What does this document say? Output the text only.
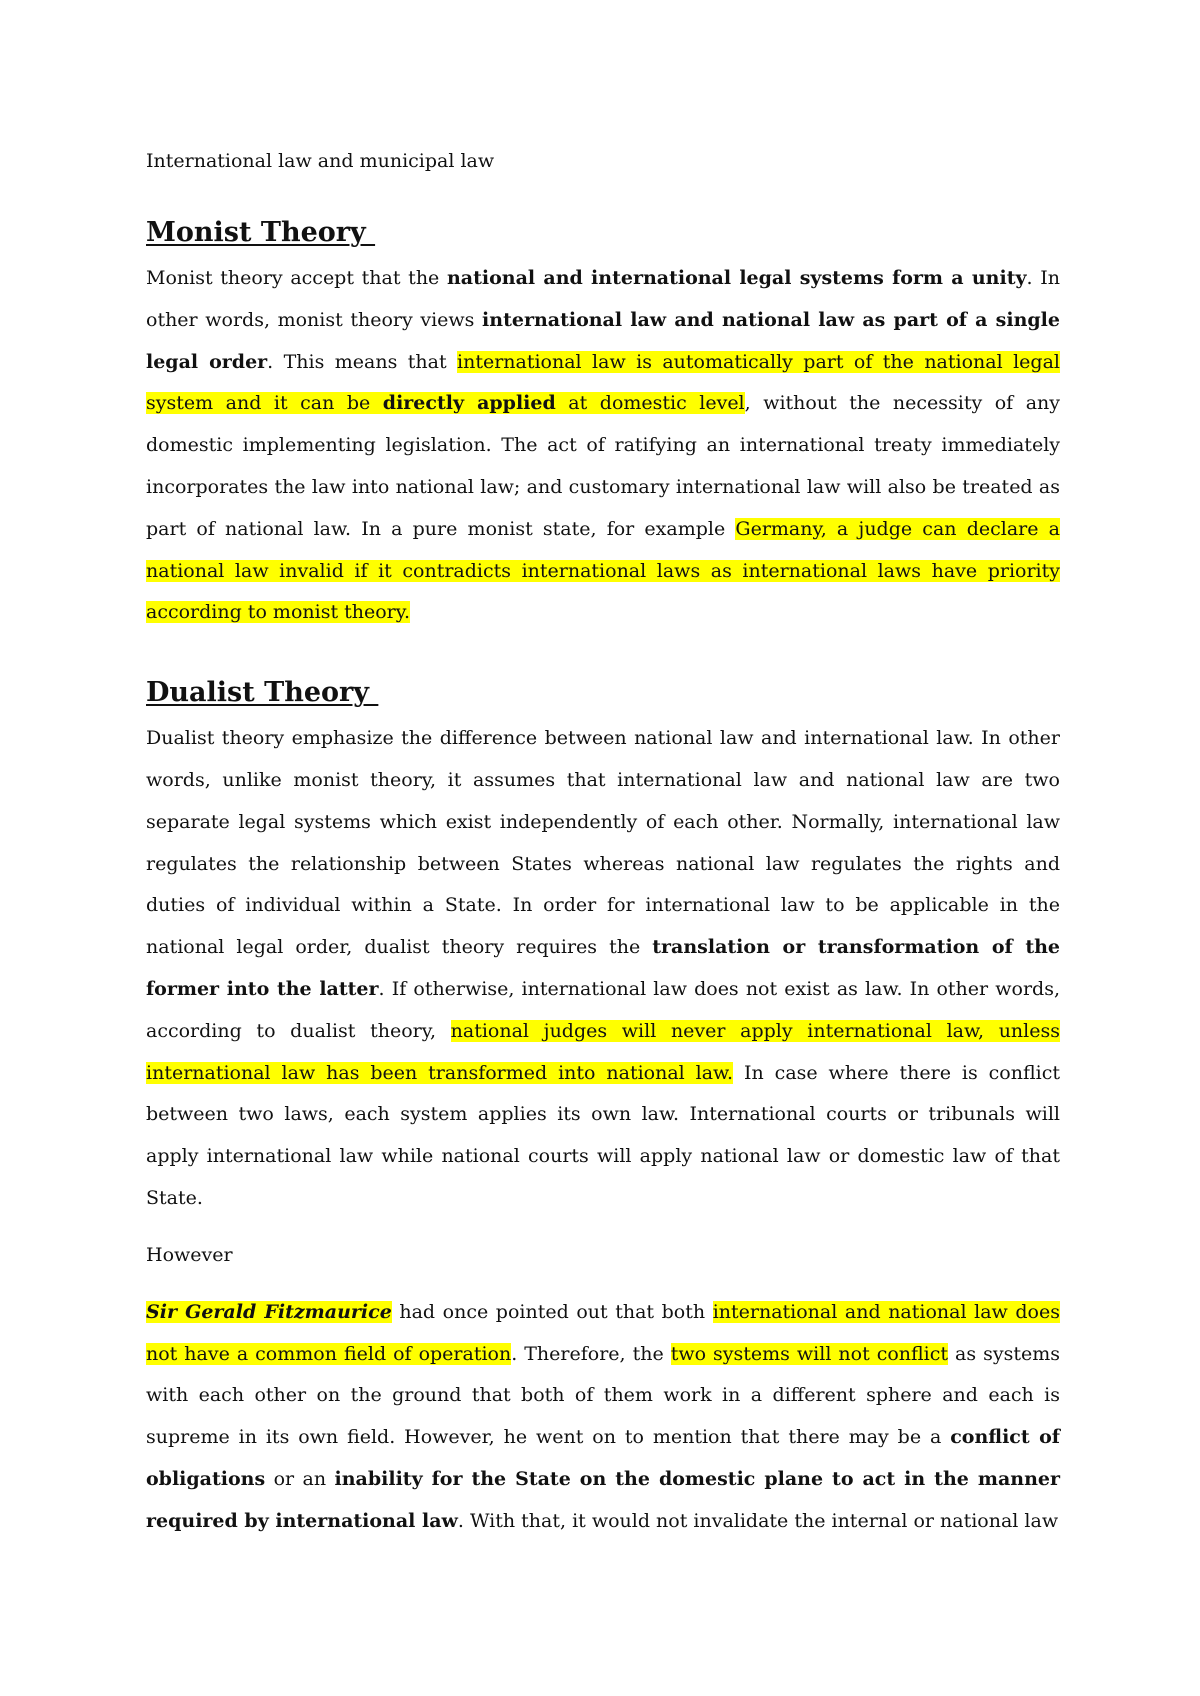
International law and municipal law

Monist Theory

Monist theory accept that the national and international legal systems form a unity. In other words, monist theory views international law and national law as part of a single legal order. This means that international law is automatically part of the national legal system and it can be directly applied at domestic level, without the necessity of any domestic implementing legislation. The act of ratifying an international treaty immediately incorporates the law into national law; and customary international law will also be treated as part of national law. In a pure monist state, for example Germany, a judge can declare a national law invalid if it contradicts international laws as international laws have priority according to monist theory.

Dualist Theory

Dualist theory emphasize the difference between national law and international law. In other words, unlike monist theory, it assumes that international law and national law are two separate legal systems which exist independently of each other. Normally, international law regulates the relationship between States whereas national law regulates the rights and duties of individual within a State. In order for international law to be applicable in the national legal order, dualist theory requires the translation or transformation of the former into the latter. If otherwise, international law does not exist as law. In other words, according to dualist theory, national judges will never apply international law, unless international law has been transformed into national law. In case where there is conflict between two laws, each system applies its own law. International courts or tribunals will apply international law while national courts will apply national law or domestic law of that State.

However

Sir Gerald Fitzmaurice had once pointed out that both international and national law does not have a common field of operation. Therefore, the two systems will not conflict as systems with each other on the ground that both of them work in a different sphere and each is supreme in its own field. However, he went on to mention that there may be a conflict of obligations or an inability for the State on the domestic plane to act in the manner required by international law. With that, it would not invalidate the internal or national law
